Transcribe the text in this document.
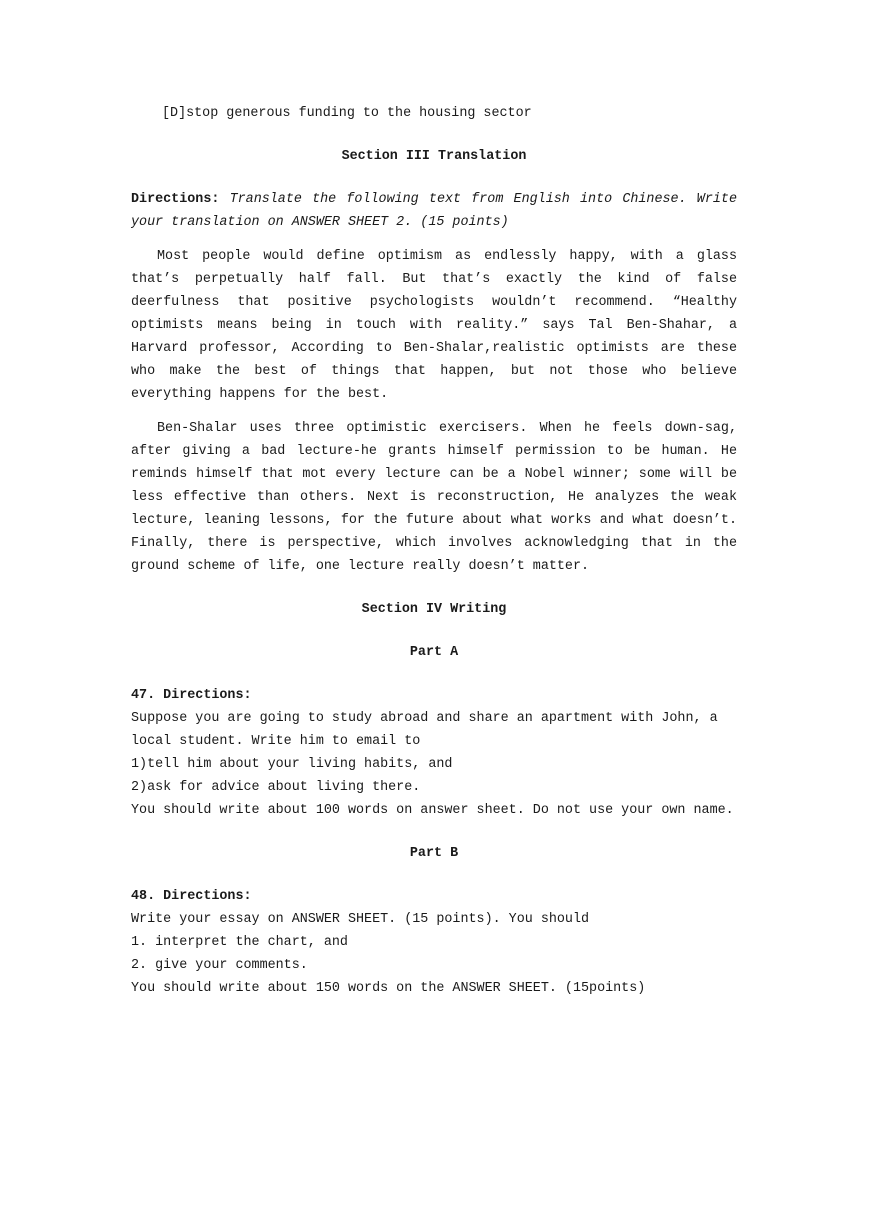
[D]stop generous funding to the housing sector

Section III Translation

Directions: Translate the following text from English into Chinese. Write your translation on ANSWER SHEET 2. (15 points)

Most people would define optimism as endlessly happy, with a glass that’s perpetually half fall. But that’s exactly the kind of false deerfulness that positive psychologists wouldn’t recommend. “Healthy optimists means being in touch with reality.” says Tal Ben-Shahar, a Harvard professor, According to Ben-Shalar,realistic optimists are these who make the best of things that happen, but not those who believe everything happens for the best.

Ben-Shalar uses three optimistic exercisers. When he feels down-sag, after giving a bad lecture-he grants himself permission to be human. He reminds himself that mot every lecture can be a Nobel winner; some will be less effective than others. Next is reconstruction, He analyzes the weak lecture, leaning lessons, for the future about what works and what doesn’t. Finally, there is perspective, which involves acknowledging that in the ground scheme of life, one lecture really doesn’t matter.

Section IV Writing
Part A
47. Directions:

Suppose you are going to study abroad and share an apartment with John, a local student. Write him to email to

1)tell him about your living habits, and

2)ask for advice about living there.

You should write about 100 words on answer sheet. Do not use your own name.

Part B
48. Directions:

Write your essay on ANSWER SHEET. (15 points). You should

1. interpret the chart, and

2. give your comments.

You should write about 150 words on the ANSWER SHEET. (15points)
